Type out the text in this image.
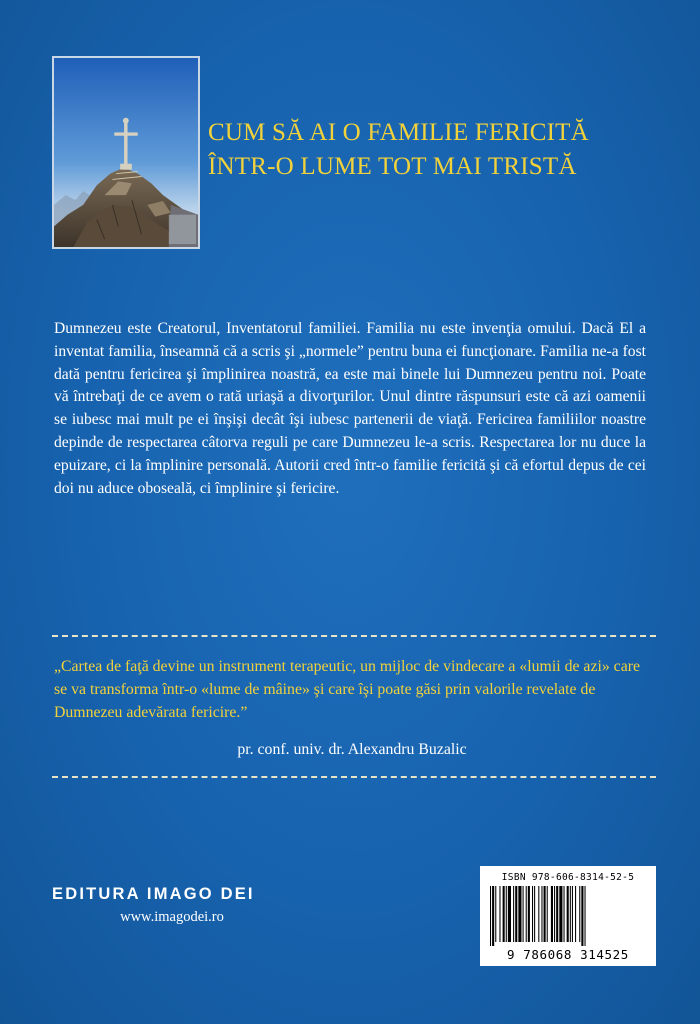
CUM SĂ AI O FAMILIE FERICITĂ
ÎNTR-O LUME TOT MAI TRISTĂ

Dumnezeu este Creatorul, Inventatorul familiei. Familia nu este invenţia omului. Dacă El a inventat familia, înseamnă că a scris şi „normele” pentru buna ei funcţionare. Familia ne-a fost dată pentru fericirea şi împlinirea noastră, ea este mai binele lui Dumnezeu pentru noi. Poate vă întrebaţi de ce avem o rată uriaşă a divorţurilor. Unul dintre răspunsuri este că azi oamenii se iubesc mai mult pe ei înşişi decât îşi iubesc partenerii de viaţă. Fericirea familiilor noastre depinde de respectarea câtorva reguli pe care Dumnezeu le-a scris. Respectarea lor nu duce la epuizare, ci la împlinire personală. Autorii cred într-o familie fericită şi că efortul depus de cei doi nu aduce oboseală, ci împlinire şi fericire.

„Cartea de faţă devine un instrument terapeutic, un mijloc de vindecare a «lumii de azi» care se va transforma într-o «lume de mâine» şi care îşi poate găsi prin valorile revelate de Dumnezeu adevărata fericire.”
pr. conf. univ. dr. Alexandru Buzalic
EDITURA IMAGO DEI
www.imagodei.ro
ISBN 978-606-8314-52-5
9 786068 314525
